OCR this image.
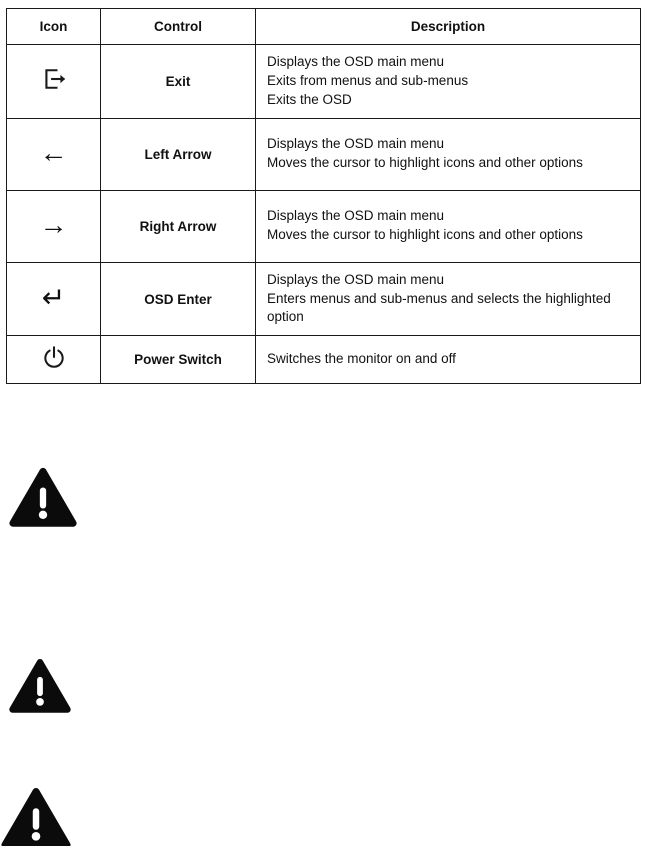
Icon	Control	Description
	Exit	Displays the OSD main menu
Exits from menus and sub-menus
Exits the OSD

←	Left Arrow	Displays the OSD main menu
Moves the cursor to highlight icons and other options

→	Right Arrow	Displays the OSD main menu
Moves the cursor to highlight icons and other options

↵	OSD Enter	Displays the OSD main menu
Enters menus and sub-menus and selects the highlighted option

	Power Switch	Switches the monitor on and off
